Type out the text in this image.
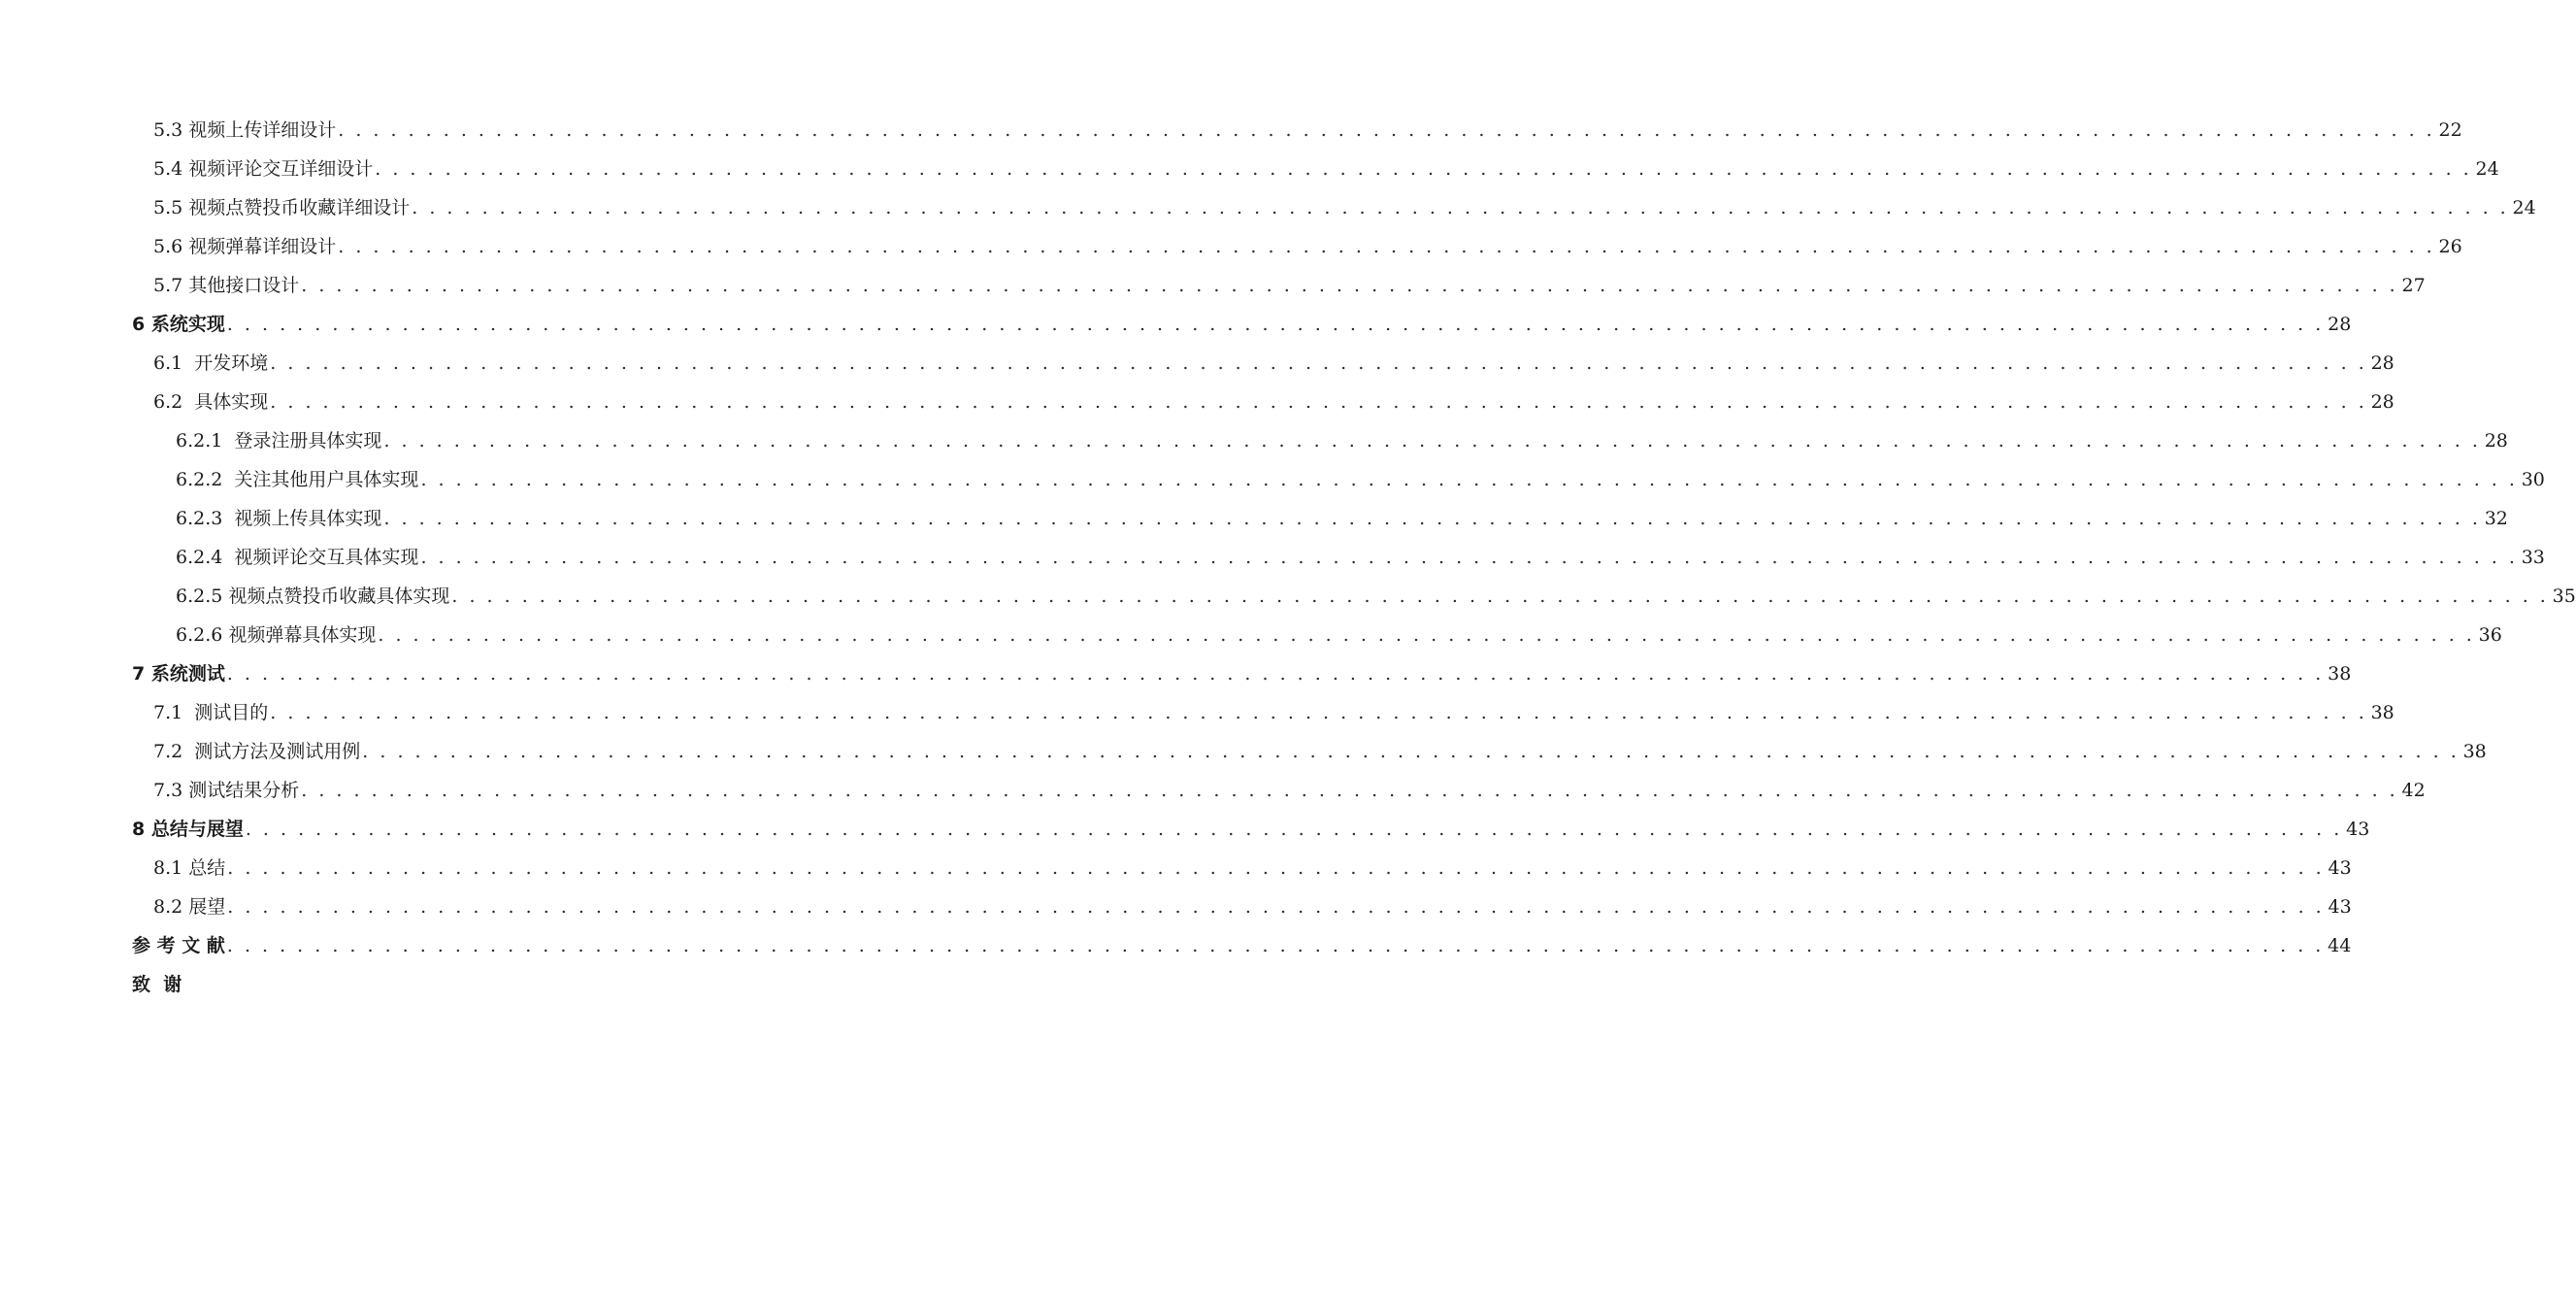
5.3 视频上传详细设计 . . . . . . . . . . . . . . . . . . . . . . . . . . . . . . . . . . . . . . . . . . . . . . . . . . . . . . . . . . . . . . . . . . . . . . . . . . . . . . . . . . . . . . . . . . . . . . . . . . . . . . . . . . . . . . . . . . . . . . . . 22
5.4 视频评论交互详细设计 . . . . . . . . . . . . . . . . . . . . . . . . . . . . . . . . . . . . . . . . . . . . . . . . . . . . . . . . . . . . . . . . . . . . . . . . . . . . . . . . . . . . . . . . . . . . . . . . . . . . . . . . . . . . . . . . . . . . . . . . 24
5.5 视频点赞投币收藏详细设计 . . . . . . . . . . . . . . . . . . . . . . . . . . . . . . . . . . . . . . . . . . . . . . . . . . . . . . . . . . . . . . . . . . . . . . . . . . . . . . . . . . . . . . . . . . . . . . . . . . . . . . . . . . . . . . . . . . . . . . . . 24
5.6 视频弹幕详细设计 . . . . . . . . . . . . . . . . . . . . . . . . . . . . . . . . . . . . . . . . . . . . . . . . . . . . . . . . . . . . . . . . . . . . . . . . . . . . . . . . . . . . . . . . . . . . . . . . . . . . . . . . . . . . . . . . . . . . . . . . 26
5.7 其他接口设计 . . . . . . . . . . . . . . . . . . . . . . . . . . . . . . . . . . . . . . . . . . . . . . . . . . . . . . . . . . . . . . . . . . . . . . . . . . . . . . . . . . . . . . . . . . . . . . . . . . . . . . . . . . . . . . . . . . . . . . . . 27
6 系统实现 . . . . . . . . . . . . . . . . . . . . . . . . . . . . . . . . . . . . . . . . . . . . . . . . . . . . . . . . . . . . . . . . . . . . . . . . . . . . . . . . . . . . . . . . . . . . . . . . . . . . . . . . . . . . . . . . . . . . . . . . 28
6.1  开发环境 . . . . . . . . . . . . . . . . . . . . . . . . . . . . . . . . . . . . . . . . . . . . . . . . . . . . . . . . . . . . . . . . . . . . . . . . . . . . . . . . . . . . . . . . . . . . . . . . . . . . . . . . . . . . . . . . . . . . . . . . 28
6.2  具体实现 . . . . . . . . . . . . . . . . . . . . . . . . . . . . . . . . . . . . . . . . . . . . . . . . . . . . . . . . . . . . . . . . . . . . . . . . . . . . . . . . . . . . . . . . . . . . . . . . . . . . . . . . . . . . . . . . . . . . . . . . 28
6.2.1  登录注册具体实现 . . . . . . . . . . . . . . . . . . . . . . . . . . . . . . . . . . . . . . . . . . . . . . . . . . . . . . . . . . . . . . . . . . . . . . . . . . . . . . . . . . . . . . . . . . . . . . . . . . . . . . . . . . . . . . . . . . . . . . . . 28
6.2.2  关注其他用户具体实现 . . . . . . . . . . . . . . . . . . . . . . . . . . . . . . . . . . . . . . . . . . . . . . . . . . . . . . . . . . . . . . . . . . . . . . . . . . . . . . . . . . . . . . . . . . . . . . . . . . . . . . . . . . . . . . . . . . . . . . . . 30
6.2.3  视频上传具体实现 . . . . . . . . . . . . . . . . . . . . . . . . . . . . . . . . . . . . . . . . . . . . . . . . . . . . . . . . . . . . . . . . . . . . . . . . . . . . . . . . . . . . . . . . . . . . . . . . . . . . . . . . . . . . . . . . . . . . . . . . 32
6.2.4  视频评论交互具体实现 . . . . . . . . . . . . . . . . . . . . . . . . . . . . . . . . . . . . . . . . . . . . . . . . . . . . . . . . . . . . . . . . . . . . . . . . . . . . . . . . . . . . . . . . . . . . . . . . . . . . . . . . . . . . . . . . . . . . . . . . 33
6.2.5 视频点赞投币收藏具体实现 . . . . . . . . . . . . . . . . . . . . . . . . . . . . . . . . . . . . . . . . . . . . . . . . . . . . . . . . . . . . . . . . . . . . . . . . . . . . . . . . . . . . . . . . . . . . . . . . . . . . . . . . . . . . . . . . . . . . . . . . 35
6.2.6 视频弹幕具体实现 . . . . . . . . . . . . . . . . . . . . . . . . . . . . . . . . . . . . . . . . . . . . . . . . . . . . . . . . . . . . . . . . . . . . . . . . . . . . . . . . . . . . . . . . . . . . . . . . . . . . . . . . . . . . . . . . . . . . . . . . 36
7 系统测试 . . . . . . . . . . . . . . . . . . . . . . . . . . . . . . . . . . . . . . . . . . . . . . . . . . . . . . . . . . . . . . . . . . . . . . . . . . . . . . . . . . . . . . . . . . . . . . . . . . . . . . . . . . . . . . . . . . . . . . . . 38
7.1  测试目的 . . . . . . . . . . . . . . . . . . . . . . . . . . . . . . . . . . . . . . . . . . . . . . . . . . . . . . . . . . . . . . . . . . . . . . . . . . . . . . . . . . . . . . . . . . . . . . . . . . . . . . . . . . . . . . . . . . . . . . . . 38
7.2  测试方法及测试用例 . . . . . . . . . . . . . . . . . . . . . . . . . . . . . . . . . . . . . . . . . . . . . . . . . . . . . . . . . . . . . . . . . . . . . . . . . . . . . . . . . . . . . . . . . . . . . . . . . . . . . . . . . . . . . . . . . . . . . . . . 38
7.3 测试结果分析 . . . . . . . . . . . . . . . . . . . . . . . . . . . . . . . . . . . . . . . . . . . . . . . . . . . . . . . . . . . . . . . . . . . . . . . . . . . . . . . . . . . . . . . . . . . . . . . . . . . . . . . . . . . . . . . . . . . . . . . . 42
8 总结与展望 . . . . . . . . . . . . . . . . . . . . . . . . . . . . . . . . . . . . . . . . . . . . . . . . . . . . . . . . . . . . . . . . . . . . . . . . . . . . . . . . . . . . . . . . . . . . . . . . . . . . . . . . . . . . . . . . . . . . . . . . 43
8.1 总结 . . . . . . . . . . . . . . . . . . . . . . . . . . . . . . . . . . . . . . . . . . . . . . . . . . . . . . . . . . . . . . . . . . . . . . . . . . . . . . . . . . . . . . . . . . . . . . . . . . . . . . . . . . . . . . . . . . . . . . . . 43
8.2 展望 . . . . . . . . . . . . . . . . . . . . . . . . . . . . . . . . . . . . . . . . . . . . . . . . . . . . . . . . . . . . . . . . . . . . . . . . . . . . . . . . . . . . . . . . . . . . . . . . . . . . . . . . . . . . . . . . . . . . . . . . 43
参 考 文 献 . . . . . . . . . . . . . . . . . . . . . . . . . . . . . . . . . . . . . . . . . . . . . . . . . . . . . . . . . . . . . . . . . . . . . . . . . . . . . . . . . . . . . . . . . . . . . . . . . . . . . . . . . . . . . . . . . . . . . . . . 44
致  谢
